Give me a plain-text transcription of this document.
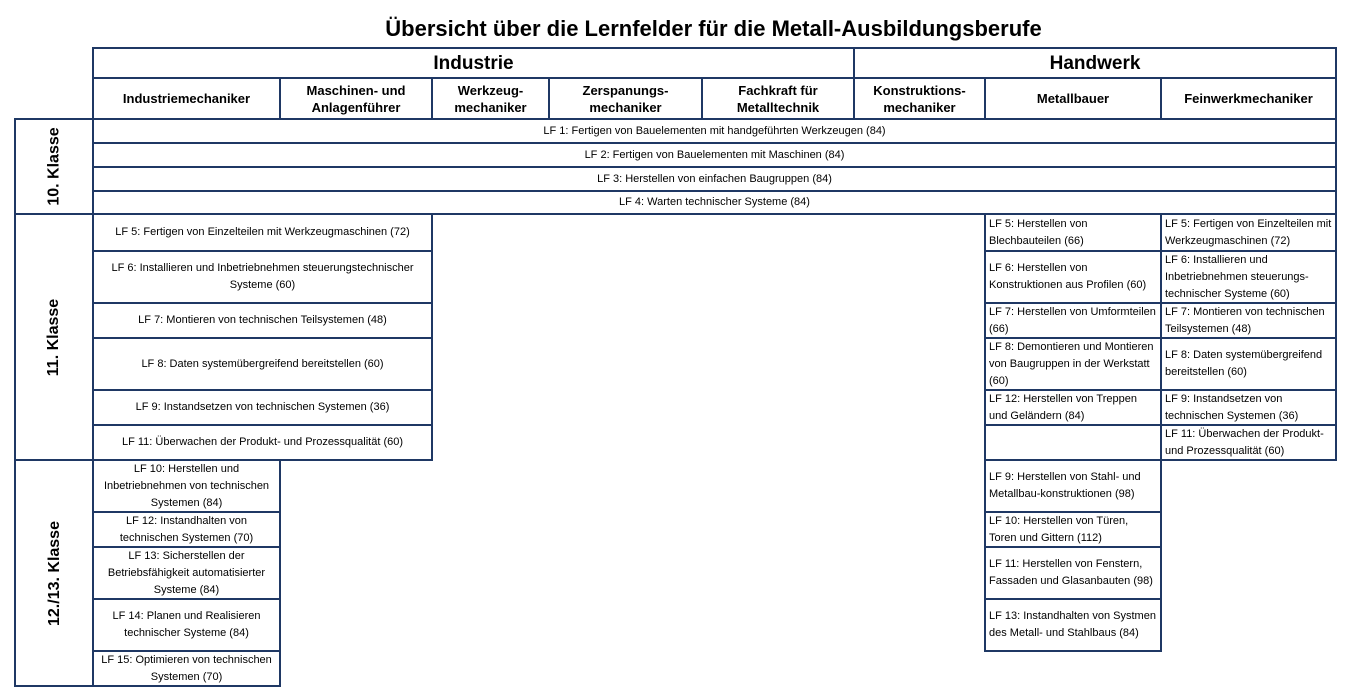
Übersicht über die Lernfelder für die Metall-Ausbildungsberufe
Industrie	Handwerk
Industriemechaniker
Maschinen- und Anlagenführer
Werkzeug-mechaniker
Zerspanungs-mechaniker
Fachkraft für Metalltechnik
Konstruktions-mechaniker
Metallbauer	Feinwerkmechaniker
10. Klasse
11. Klasse
12./13. Klasse
LF 1: Fertigen von Bauelementen mit handgeführten Werkzeugen (84)
LF 2: Fertigen von Bauelementen mit Maschinen (84)
LF 3: Herstellen von einfachen Baugruppen (84)
LF 4: Warten technischer Systeme (84)
LF 5: Fertigen von Einzelteilen mit Werkzeugmaschinen (72)
LF 6: Installieren und Inbetriebnehmen steuerungstechnischer Systeme (60)
LF 7: Montieren von technischen Teilsystemen (48)
LF 8: Daten systemübergreifend bereitstellen (60)
LF 9: Instandsetzen von technischen Systemen (36)
LF 11: Überwachen der Produkt- und Prozessqualität (60)
LF 10: Herstellen und Inbetriebnehmen von technischen Systemen (84)
LF 12: Instandhalten von technischen Systemen (70)
LF 13: Sicherstellen der Betriebsfähigkeit automatisierter Systeme (84)
LF 14: Planen und Realisieren technischer Systeme (84)
LF 15: Optimieren von technischen Systemen (70)
LF 5: Herstellen von Blechbauteilen (66)
LF 6: Herstellen von Konstruktionen aus Profilen (60)
LF 7: Herstellen von Umformteilen (66)
LF 8: Demontieren und Montieren von Baugruppen in der Werkstatt (60)
LF 12: Herstellen von Treppen und Geländern (84)
LF 9: Herstellen von Stahl- und Metallbau-konstruktionen (98)
LF 10: Herstellen von Türen, Toren und Gittern (112)
LF 11: Herstellen von Fenstern, Fassaden und Glasanbauten (98)
LF 13: Instandhalten von Systmen des Metall- und Stahlbaus (84)
LF 5: Fertigen von Einzelteilen mit Werkzeugmaschinen (72)
LF 6: Installieren und Inbetriebnehmen steuerungs-technischer Systeme (60)
LF 7: Montieren von technischen Teilsystemen (48)
LF 8: Daten systemübergreifend bereitstellen (60)
LF 9: Instandsetzen von technischen Systemen (36)
LF 11: Überwachen der Produkt- und Prozessqualität (60)
